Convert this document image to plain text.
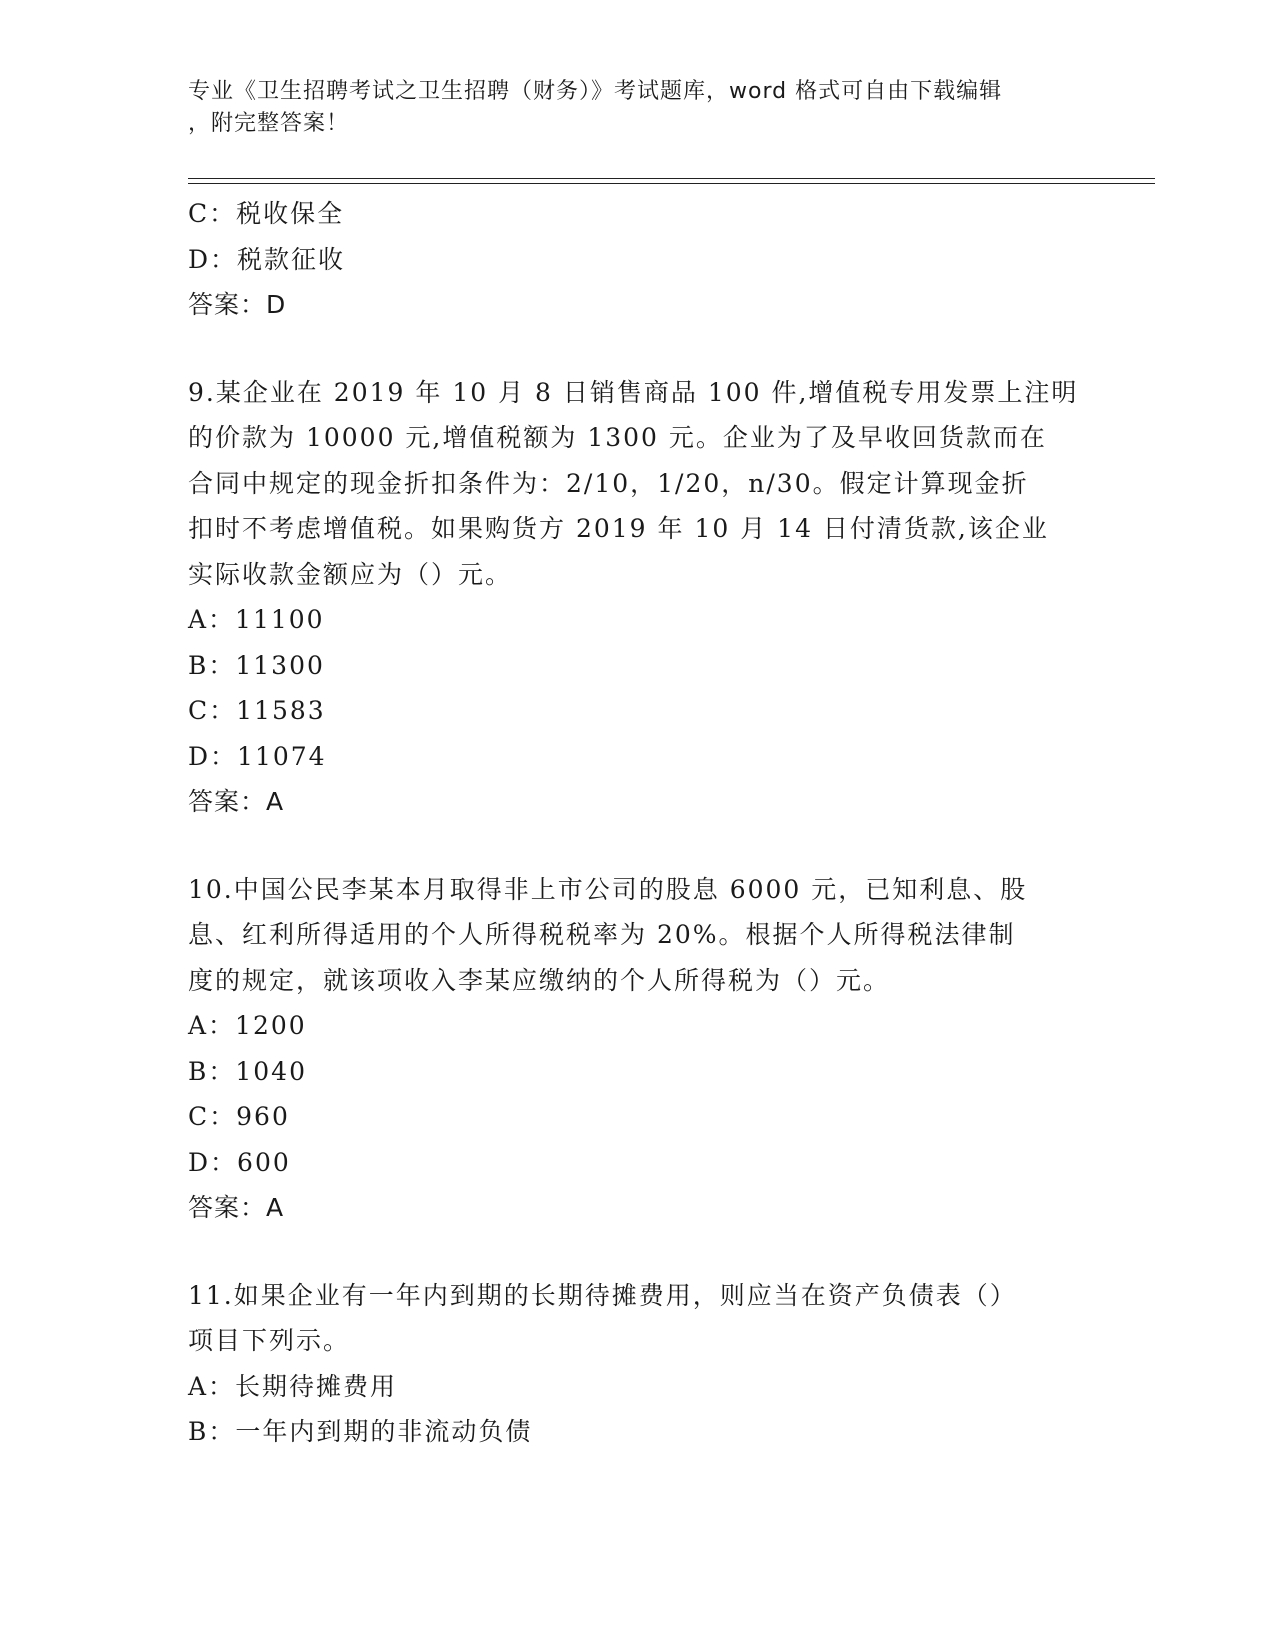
专业《卫生招聘考试之卫生招聘（财务）》考试题库，word 格式可自由下载编辑
，附完整答案！
C：税收保全
D：税款征收
答案：D
9.某企业在 2019 年 10 月 8 日销售商品 100 件,增值税专用发票上注明
的价款为 10000 元,增值税额为 1300 元。企业为了及早收回货款而在
合同中规定的现金折扣条件为：2/10，1/20，n/30。假定计算现金折
扣时不考虑增值税。如果购货方 2019 年 10 月 14 日付清货款,该企业
实际收款金额应为（）元。
A：11100
B：11300
C：11583
D：11074
答案：A
10.中国公民李某本月取得非上市公司的股息 6000 元，已知利息、股
息、红利所得适用的个人所得税税率为 20%。根据个人所得税法律制
度的规定，就该项收入李某应缴纳的个人所得税为（）元。
A：1200
B：1040
C：960
D：600
答案：A
11.如果企业有一年内到期的长期待摊费用，则应当在资产负债表（）
项目下列示。
A：长期待摊费用
B：一年内到期的非流动负债
